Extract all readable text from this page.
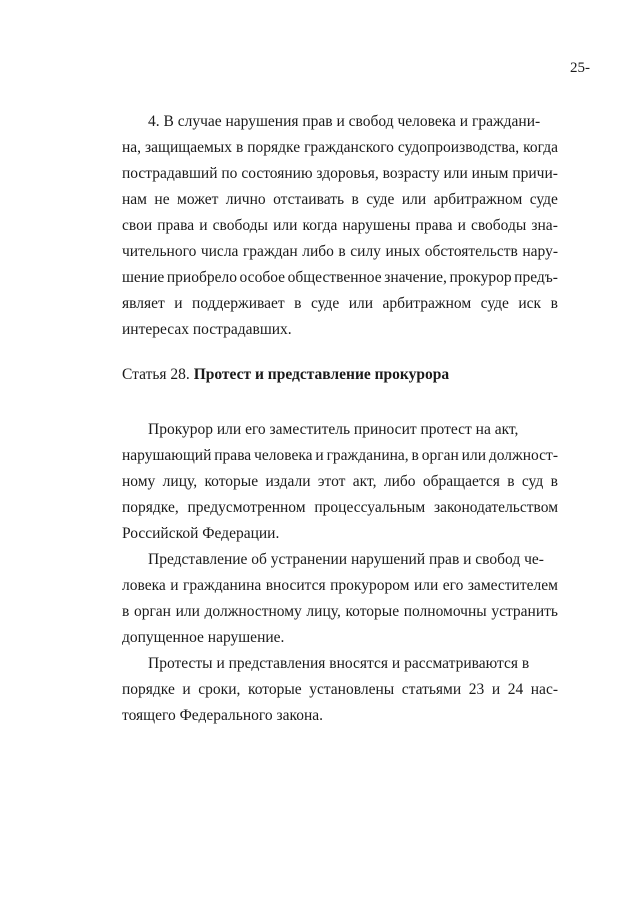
25-
4. В случае нарушения прав и свобод человека и граждани-
на, защищаемых в порядке гражданского судопроизводства, когда
пострадавший по состоянию здоровья, возрасту или иным причи-
нам не может лично отстаивать в суде или арбитражном суде
свои права и свободы или когда нарушены права и свободы зна-
чительного числа граждан либо в силу иных обстоятельств нару-
шение приобрело особое общественное значение, прокурор предъ-
являет и поддерживает в суде или арбитражном суде иск в
интересах пострадавших.
Статья 28. Протест и представление прокурора
Прокурор или его заместитель приносит протест на акт,
нарушающий права человека и гражданина, в орган или должност-
ному лицу, которые издали этот акт, либо обращается в суд в
порядке, предусмотренном процессуальным законодательством
Российской Федерации.
Представление об устранении нарушений прав и свобод че-
ловека и гражданина вносится прокурором или его заместителем
в орган или должностному лицу, которые полномочны устранить
допущенное нарушение.
Протесты и представления вносятся и рассматриваются в
порядке и сроки, которые установлены статьями 23 и 24 нас-
тоящего Федерального закона.
